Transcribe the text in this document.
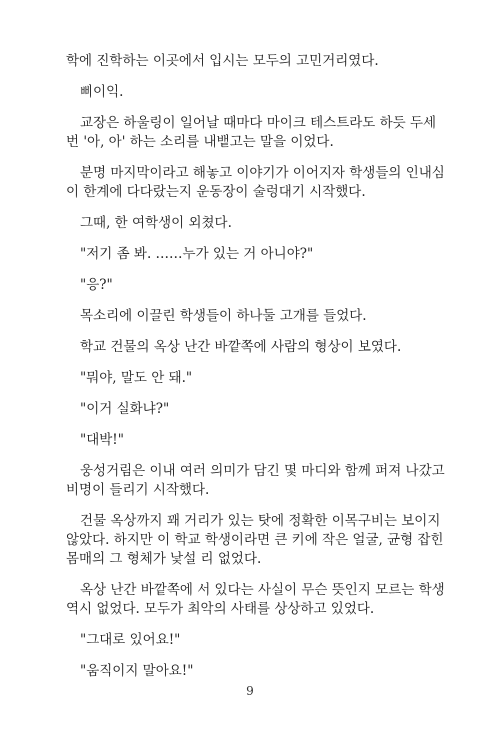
학에 진학하는 이곳에서 입시는 모두의 고민거리였다.
삐이익.
교장은 하울링이 일어날 때마다 마이크 테스트라도 하듯 두세
번 '아, 아' 하는 소리를 내뱉고는 말을 이었다.
분명 마지막이라고 해놓고 이야기가 이어지자 학생들의 인내심
이 한계에 다다랐는지 운동장이 술렁대기 시작했다.
그때, 한 여학생이 외쳤다.
"저기 좀 봐. ……누가 있는 거 아니야?"
"응?"
목소리에 이끌린 학생들이 하나둘 고개를 들었다.
학교 건물의 옥상 난간 바깥쪽에 사람의 형상이 보였다.
"뭐야, 말도 안 돼."
"이거 실화냐?"
"대박!"
웅성거림은 이내 여러 의미가 담긴 몇 마디와 함께 퍼져 나갔고
비명이 들리기 시작했다.
건물 옥상까지 꽤 거리가 있는 탓에 정확한 이목구비는 보이지
않았다. 하지만 이 학교 학생이라면 큰 키에 작은 얼굴, 균형 잡힌
몸매의 그 형체가 낯설 리 없었다.
옥상 난간 바깥쪽에 서 있다는 사실이 무슨 뜻인지 모르는 학생
역시 없었다. 모두가 최악의 사태를 상상하고 있었다.
"그대로 있어요!"
"움직이지 말아요!"
9
